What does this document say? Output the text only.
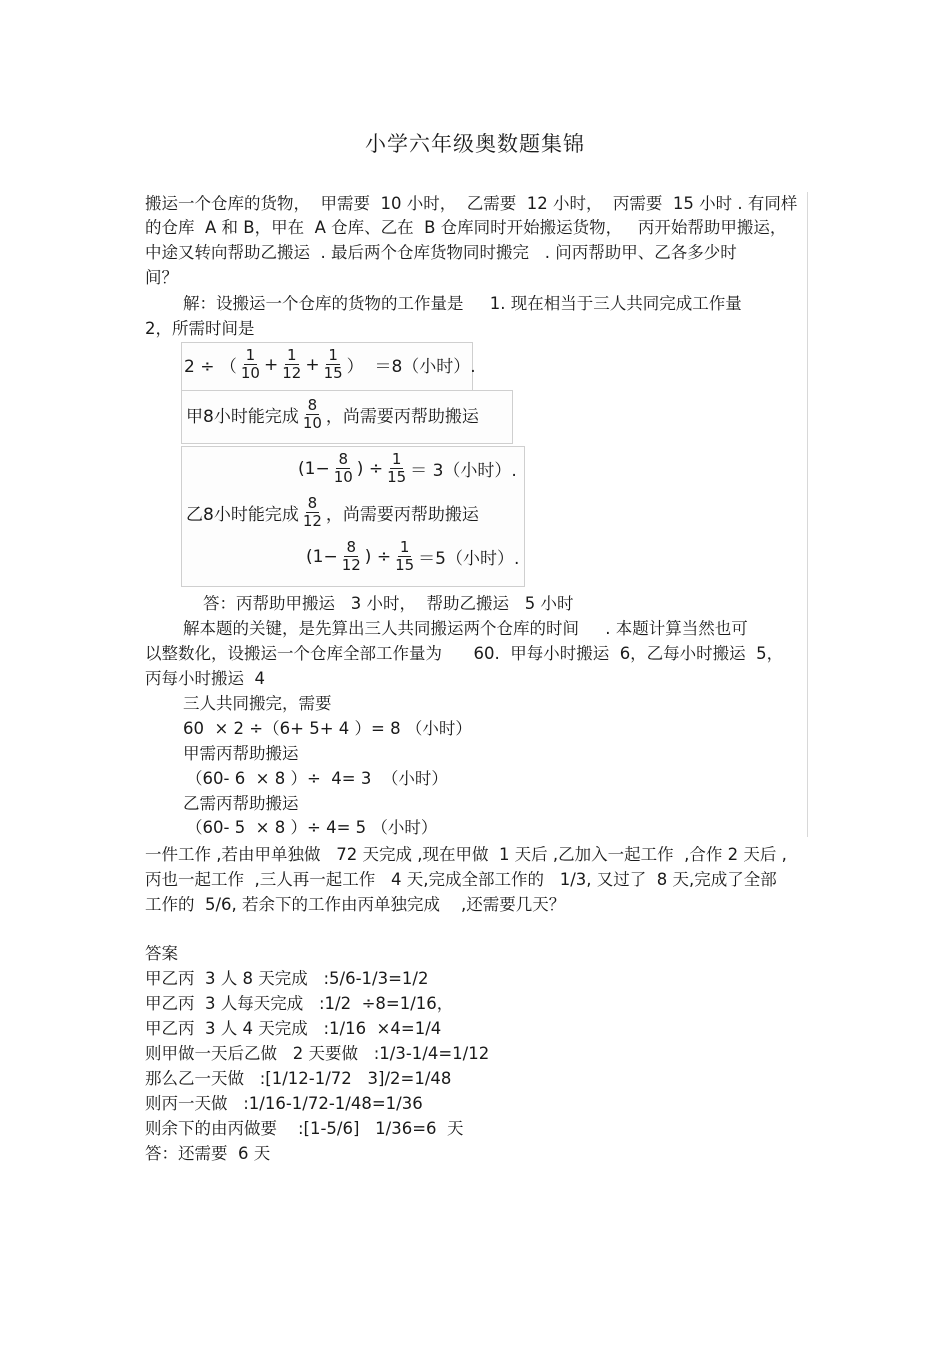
小学六年级奥数题集锦
搬运一个仓库的货物，  甲需要  10 小时，  乙需要  12 小时，  丙需要  15 小时 . 有同样
的仓库  A 和 B，甲在  A 仓库、乙在  B 仓库同时开始搬运货物，   丙开始帮助甲搬运，
中途又转向帮助乙搬运  . 最后两个仓库货物同时搬完   . 问丙帮助甲、乙各多少时
间？
解：设搬运一个仓库的货物的工作量是     1. 现在相当于三人共同完成工作量
2，所需时间是
2 ÷ （ $\frac{1}{10} + \frac{1}{12} + \frac{1}{15}$ ）  ＝8（小时）.
甲8小时能完成 $\frac{8}{10}$ ，尚需要丙帮助搬运
($1- \frac{8}{10}$ ) ÷ $\frac{1}{15} = 3$（小时）.
乙8小时能完成 $\frac{8}{12}$ ，尚需要丙帮助搬运
($1- \frac{8}{12}$ ) ÷ $\frac{1}{15} =5$（小时）.
答：丙帮助甲搬运   3 小时，  帮助乙搬运   5 小时
解本题的关键，是先算出三人共同搬运两个仓库的时间     . 本题计算当然也可
以整数化，设搬运一个仓库全部工作量为      60.  甲每小时搬运  6，乙每小时搬运  5，
丙每小时搬运  4
三人共同搬完，需要
60  × 2 ÷（6+ 5+ 4 ）= 8 （小时）
甲需丙帮助搬运
（60- 6  × 8 ）÷  4= 3  （小时）
乙需丙帮助搬运
（60- 5  × 8 ）÷ 4= 5 （小时）
一件工作 ,若由甲单独做   72 天完成 ,现在甲做  1 天后 ,乙加入一起工作  ,合作 2 天后 ,
丙也一起工作  ,三人再一起工作   4 天,完成全部工作的   1/3, 又过了  8 天,完成了全部
工作的  5/6, 若余下的工作由丙单独完成    ,还需要几天？
答案
甲乙丙  3 人 8 天完成   :5/6-1/3=1/2
甲乙丙  3 人每天完成   :1/2  ÷8=1/16，
甲乙丙  3 人 4 天完成   :1/16  ×4=1/4
则甲做一天后乙做   2 天要做   :1/3-1/4=1/12
那么乙一天做   :[1/12-1/72   3]/2=1/48
则丙一天做   :1/16-1/72-1/48=1/36
则余下的由丙做要    :[1-5/6]   1/36=6  天
答：还需要  6 天
